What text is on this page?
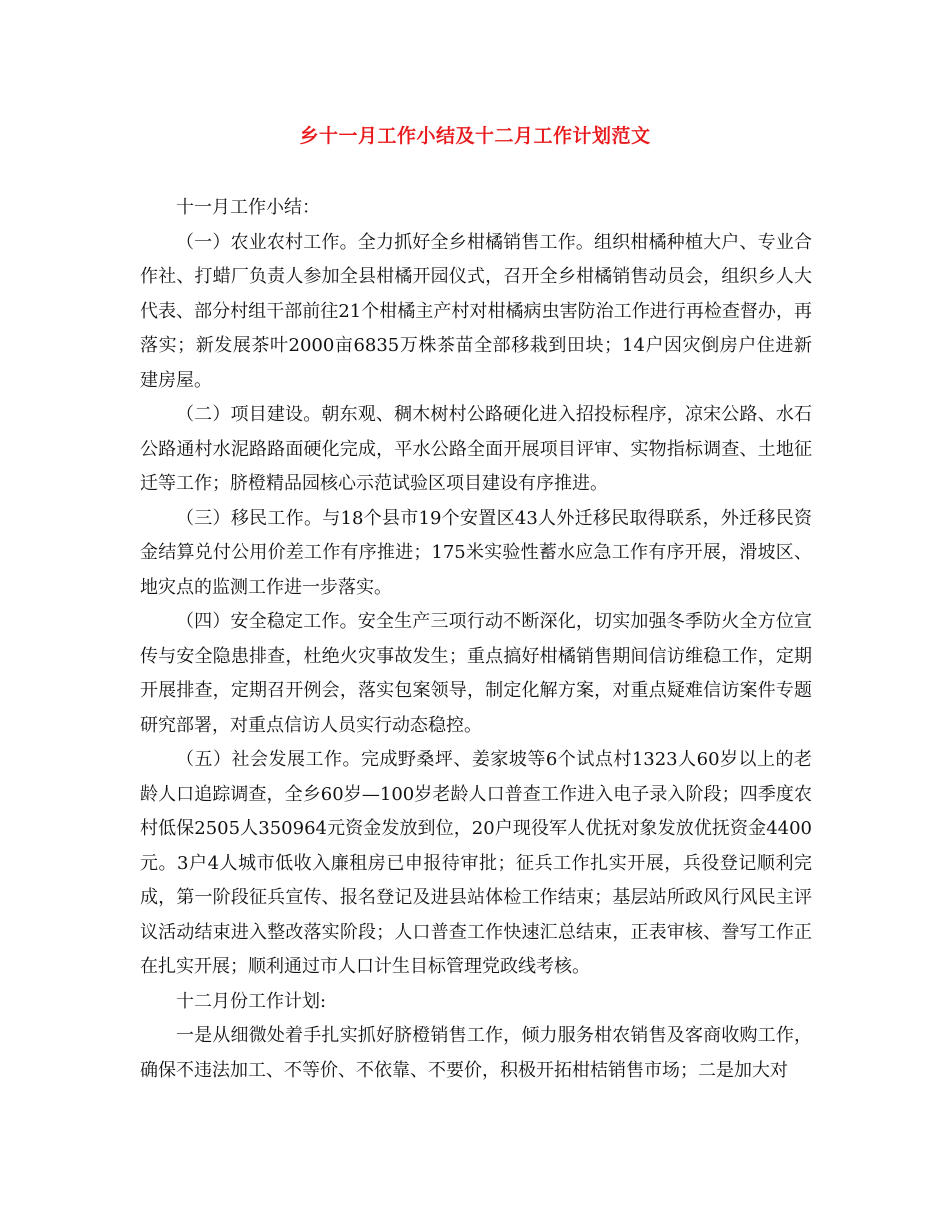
乡十一月工作小结及十二月工作计划范文

十一月工作小结：

（一）农业农村工作。全力抓好全乡柑橘销售工作。组织柑橘种植大户、专业合作社、打蜡厂负责人参加全县柑橘开园仪式，召开全乡柑橘销售动员会，组织乡人大代表、部分村组干部前往21个柑橘主产村对柑橘病虫害防治工作进行再检查督办，再落实；新发展茶叶2000亩6835万株茶苗全部移栽到田块；14户因灾倒房户住进新建房屋。

（二）项目建设。朝东观、稠木树村公路硬化进入招投标程序，凉宋公路、水石公路通村水泥路路面硬化完成，平水公路全面开展项目评审、实物指标调查、土地征迁等工作；脐橙精品园核心示范试验区项目建设有序推进。

（三）移民工作。与18个县市19个安置区43人外迁移民取得联系，外迁移民资金结算兑付公用价差工作有序推进；175米实验性蓄水应急工作有序开展，滑坡区、地灾点的监测工作进一步落实。

（四）安全稳定工作。安全生产三项行动不断深化，切实加强冬季防火全方位宣传与安全隐患排查，杜绝火灾事故发生；重点搞好柑橘销售期间信访维稳工作，定期开展排查，定期召开例会，落实包案领导，制定化解方案，对重点疑难信访案件专题研究部署，对重点信访人员实行动态稳控。

（五）社会发展工作。完成野桑坪、姜家坡等6个试点村1323人60岁以上的老龄人口追踪调查，全乡60岁—100岁老龄人口普查工作进入电子录入阶段；四季度农村低保2505人350964元资金发放到位，20户现役军人优抚对象发放优抚资金4400元。3户4人城市低收入廉租房已申报待审批；征兵工作扎实开展，兵役登记顺利完成，第一阶段征兵宣传、报名登记及进县站体检工作结束；基层站所政风行风民主评议活动结束进入整改落实阶段；人口普查工作快速汇总结束，正表审核、誊写工作正在扎实开展；顺利通过市人口计生目标管理党政线考核。

十二月份工作计划:

一是从细微处着手扎实抓好脐橙销售工作，倾力服务柑农销售及客商收购工作，确保不违法加工、不等价、不依靠、不要价，积极开拓柑桔销售市场；二是加大对
